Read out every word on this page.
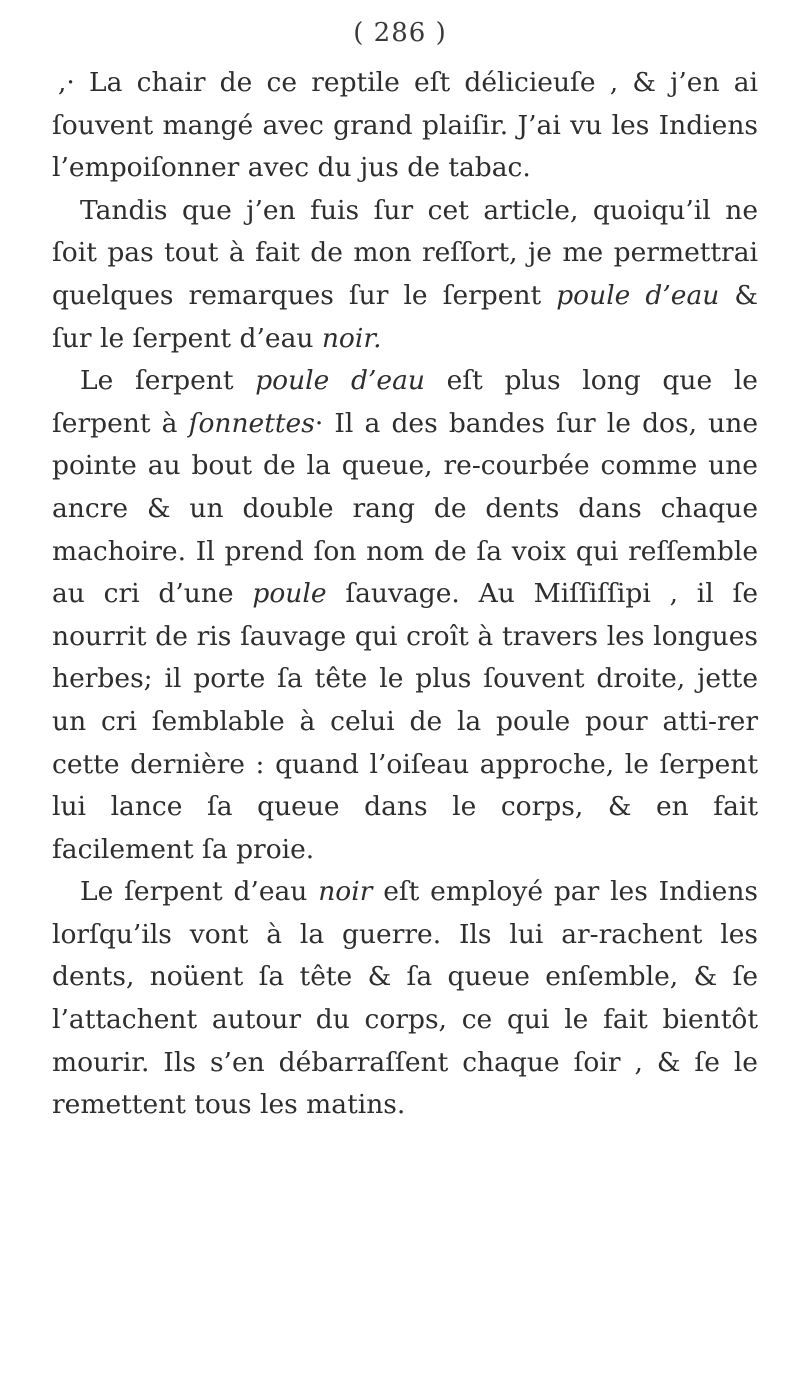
( 286 )

,· La chair de ce reptile eſt délicieuſe , & j’en ai ſouvent mangé avec grand plaiſir. J’ai vu les Indiens l’empoiſonner avec du jus de tabac.

Tandis que j’en fuis ſur cet article, quoiqu’il ne ſoit pas tout à fait de mon reſſort, je me permettrai quelques remarques ſur le ſerpent poule d’eau & ſur le ſerpent d’eau noir.

Le ſerpent poule d’eau eſt plus long que le ſerpent à ſonnettes· Il a des bandes ſur le dos, une pointe au bout de la queue, re-courbée comme une ancre & un double rang de dents dans chaque machoire. Il prend ſon nom de ſa voix qui reſſemble au cri d’une poule ſauvage. Au Miſſiſſipi , il ſe nourrit de ris ſauvage qui croît à travers les longues herbes; il porte ſa tête le plus ſouvent droite, jette un cri ſemblable à celui de la poule pour atti-rer cette dernière : quand l’oiſeau approche, le ſerpent lui lance ſa queue dans le corps, & en fait facilement ſa proie.

Le ſerpent d’eau noir eſt employé par les Indiens lorſqu’ils vont à la guerre. Ils lui ar-rachent les dents, noüent ſa tête & ſa queue enſemble, & ſe l’attachent autour du corps, ce qui le fait bientôt mourir. Ils s’en débarraſſent chaque ſoir , & ſe le remettent tous les matins.
